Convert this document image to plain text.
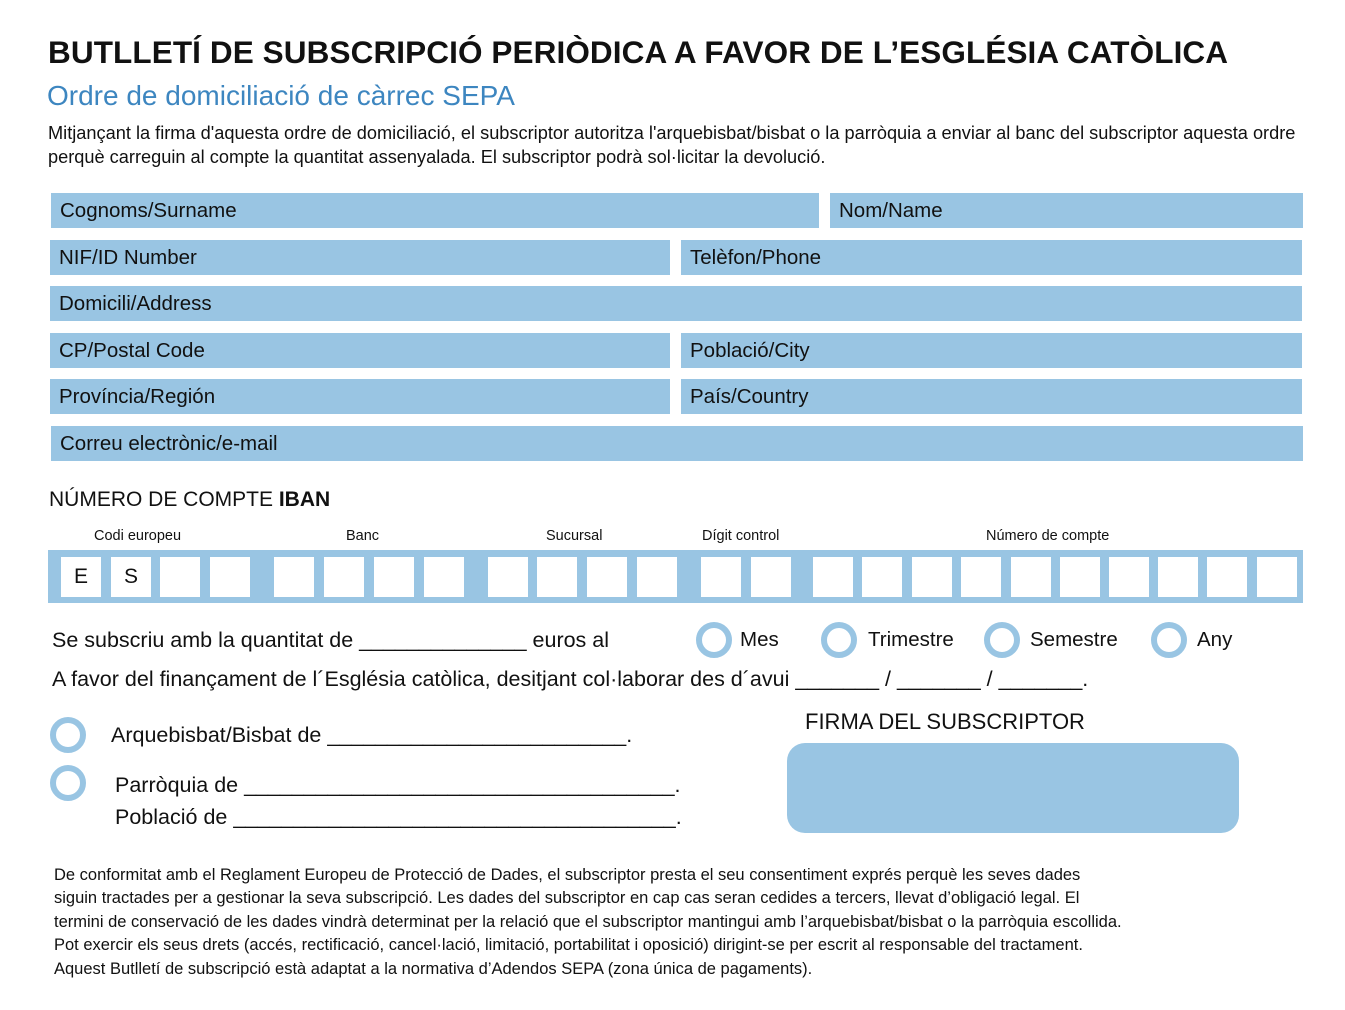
BUTLLETÍ DE SUBSCRIPCIÓ PERIÒDICA A FAVOR DE L’ESGLÉSIA CATÒLICA
Ordre de domiciliació de càrrec SEPA
Mitjançant la firma d'aquesta ordre de domiciliació, el subscriptor autoritza l'arquebisbat/bisbat o la parròquia a enviar al banc del subscriptor aquesta ordre perquè carreguin al compte la quantitat assenyalada. El subscriptor podrà sol·licitar la devolució.
Cognoms/Surname	Nom/Name
NIF/ID Number	Telèfon/Phone
Domicili/Address
CP/Postal Code	Població/City
Província/Región	País/Country
Correu electrònic/e-mail
NÚMERO DE COMPTE IBAN
Codi europeu	Banc	Sucursal	Dígit control	Número de compte
E	S
Se subscriu amb la quantitat de ______________ euros al	Mes	Trimestre	Semestre	Any
A favor del finançament de l´Església catòlica, desitjant col·laborar des d´avui _______ / _______ / _______.
Arquebisbat/Bisbat de _________________________.
Parròquia de ____________________________________.
Població de _____________________________________.
FIRMA DEL SUBSCRIPTOR

De conformitat amb el Reglament Europeu de Protecció de Dades, el subscriptor presta el seu consentiment exprés perquè les seves dades

siguin tractades per a gestionar la seva subscripció. Les dades del subscriptor en cap cas seran cedides a tercers, llevat d’obligació legal. El

termini de conservació de les dades vindrà determinat per la relació que el subscriptor mantingui amb l’arquebisbat/bisbat o la parròquia escollida.

Pot exercir els seus drets (accés, rectificació, cancel·lació, limitació, portabilitat i oposició) dirigint-se per escrit al responsable del tractament.

Aquest Butlletí de subscripció està adaptat a la normativa d’Adendos SEPA (zona única de pagaments).
